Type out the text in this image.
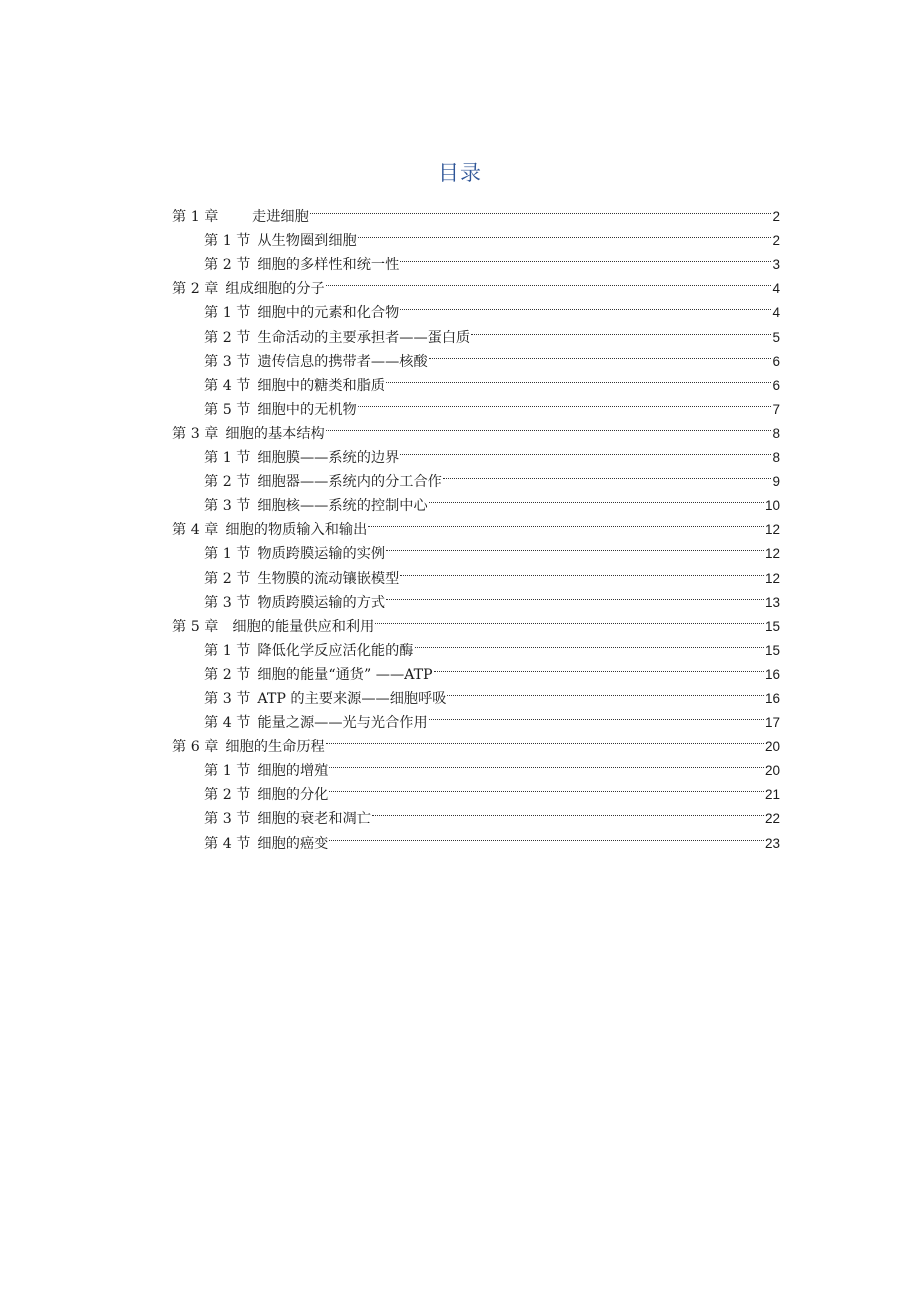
目录
第 1 章	走进细胞	2
第 1 节 从生物圈到细胞	2
第 2 节 细胞的多样性和统一性	3
第 2 章 组成细胞的分子	4
第 1 节 细胞中的元素和化合物	4
第 2 节 生命活动的主要承担者——蛋白质	5
第 3 节 遗传信息的携带者——核酸	6
第 4 节 细胞中的糖类和脂质	6
第 5 节 细胞中的无机物	7
第 3 章 细胞的基本结构	8
第 1 节 细胞膜——系统的边界	8
第 2 节 细胞器——系统内的分工合作	9
第 3 节 细胞核——系统的控制中心	10
第 4 章 细胞的物质输入和输出	12
第 1 节 物质跨膜运输的实例	12
第 2 节 生物膜的流动镶嵌模型	12
第 3 节 物质跨膜运输的方式	13
第 5 章 细胞的能量供应和利用	15
第 1 节 降低化学反应活化能的酶	15
第 2 节 细胞的能量“通货” ——ATP	16
第 3 节 ATP 的主要来源——细胞呼吸	16
第 4 节 能量之源——光与光合作用	17
第 6 章 细胞的生命历程	20
第 1 节 细胞的增殖	20
第 2 节 细胞的分化	21
第 3 节 细胞的衰老和凋亡	22
第 4 节 细胞的癌变	23
